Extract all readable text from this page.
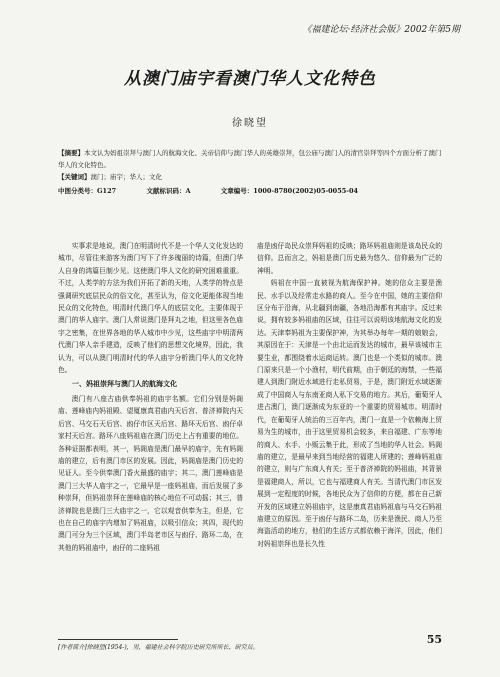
《福建论坛·经济社会版》2002年第5期
从澳门庙宇看澳门华人文化特色
徐晓望

【摘要】本文认为妈祖崇拜与澳门人的航海文化、关帝信仰与澳门华人的英雄崇拜，包公庙与澳门人的清官崇拜等四个方面分析了澳门华人的文化特色。

【关键词】澳门；庙宇；华人；文化

中图分类号：G127	文献标识码：A	文章编号：1000-8780(2002)05-0055-04

实事求是地说，澳门在明清时代不是一个华人文化发达的城市，尽管往来游客为澳门写下了许多瑰丽的诗篇，但澳门华人自身的鸿篇巨制少见。这使澳门华人文化的研究困难重重。不过，人类学的方法为我们开拓了新的天地，人类学的特点是强调研究底层民众的俗文化，甚至认为，俗文化更能体现当地民众的文化特色，明清时代澳门华人的底层文化，主要体现于澳门的华人庙宇。澳门人常说澳门是拜丸之地，但这里各色庙宇之密集，在世界各地的华人城市中少见，这些庙宇中明清两代澳门华人亲手建造，反映了他们的思想文化境界，因此，我认为，可以从澳门明清时代的华人庙宇分析澳门华人的文化特色。

一、妈祖崇拜与澳门人的航海文化

澳门有八座古庙供奉妈祖的庙宇名额。它们分别是妈阁庙、莲峰庙内妈祖殿、望厦康真君庙内天后宫、普济禅院内天后宫、马交石天后宫、凼仔市区天后宫、路环天后宫、凼仔卓家村天后宫。路环八座妈祖庙在澳门历史上占有重要的地位。各种证据都表明，其一，妈阁庙是澳门最早的庙宇，先有妈阁庙的建立，后有澳门市区的发展。因此，妈阁庙是澳门历史的见证人。至今供奉澳门香火最盛的庙宇；其二，澳门莲峰庙是澳门三大华人庙宇之一，它最早是一座妈祖庙，而后发展了多种崇拜，但妈祖崇拜在莲峰庙的核心地位不可动摇；其三，普济禅院也是澳门三大庙宇之一，它以观音供奉为主，但是，它也在自己的庙宇内增加了妈祖庙，以吸引信众；其四，现代的澳门可分为三个区域，澳门半岛老市区与凼仔、路环二岛，在其他的妈祖庙中，凼仔的二座妈祖

庙是凼仔岛民众崇拜妈祖的反映；路环妈祖庙则是该岛民众的信仰。总而言之，妈祖是澳门历史最为悠久、信仰最为广泛的神明。

妈祖在中国一直被视为航海保护神。她的信众主要是渔民、水手以及经常走水路的商人。至今在中国，她的主要信仰区分布于沿海，从北疆到南疆，各地沿海都有其庙宇。反过来说，拥有较多妈祖庙的区域，往往可以说明该地航海文化的发达。天津奉妈祖为主要保护神，为其举办每年一期的娘娘会，其原因在于：天津是一个由北运而发达的城市，最早该城市主要生业，都围绕着水运商运转。澳门也是一个类似的城市。澳门原来只是一个小渔村，明代前期，由于朝廷的海禁，一些福建人到澳门附近水域进行走私贸易，于是，澳门附近水域逐渐成了中国商人与东南亚商人私下交易的地方。其后，葡萄牙人进占澳门，澳门逐渐成为东亚的一个重要的贸易城市。明清时代，在葡萄牙人统治的三百年内，澳门一直是一个依赖海上贸易为生的城市，由于这里贸易机会较多，来自福建、广东等地的商人、水手、小贩云集于此，形成了当地的华人社会。妈阁庙的建立，是最早来到当地经营的福建人所建的；莲峰妈祖庙的建立，则与广东商人有关；至于普济禅院的妈祖庙，其背景是福建商人，所以，它也与福建商人有关。当清代澳门市区发展到一定程度的时候，各地民众为了信仰的方便，都在自己新开发的区域建立妈祖庙宇，这是康真君庙妈祖庙与马交石妈祖庙建立的原因。至于凼仔与路环二岛，历来是渔民、商人乃至海盗活动的地方，他们的生活方式都依赖于海洋，因此，他们对妈祖崇拜也是长久性

[作者简介]徐晓望(1954-)，男，福建社会科学院历史研究所所长、研究员。
55
